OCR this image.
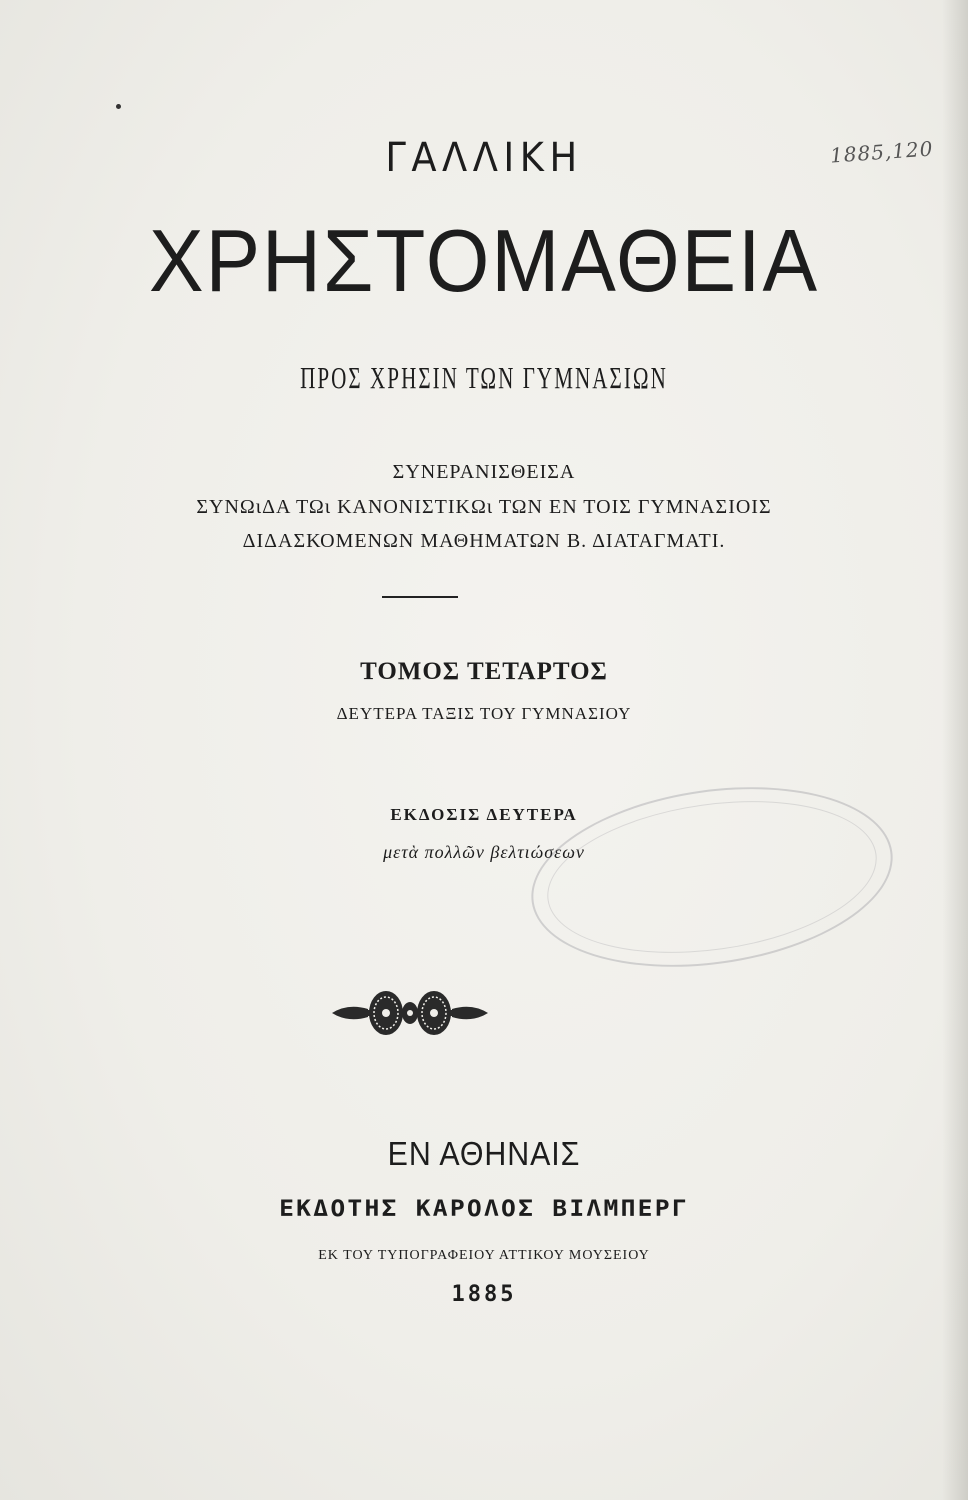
1885,120
ΓΑΛΛΙΚΗ
ΧΡΗΣΤΟΜΑΘΕΙΑ
ΠΡΟΣ ΧΡΗΣΙΝ ΤΩΝ ΓΥΜΝΑΣΙΩΝ
ΣΥΝΕΡΑΝΙΣΘΕΙΣΑ
ΣΥΝΩιΔΑ ΤΩι ΚΑΝΟΝΙΣΤΙΚΩι ΤΩΝ ΕΝ ΤΟΙΣ ΓΥΜΝΑΣΙΟΙΣ
ΔΙΔΑΣΚΟΜΕΝΩΝ ΜΑΘΗΜΑΤΩΝ Β. ΔΙΑΤΑΓΜΑΤΙ.
ΤΟΜΟΣ ΤΕΤΑΡΤΟΣ
ΔΕΥΤΕΡΑ ΤΑΞΙΣ ΤΟΥ ΓΥΜΝΑΣΙΟΥ
ΕΚΔΟΣΙΣ ΔΕΥΤΕΡΑ
μετὰ πολλῶν βελτιώσεων
ΕΝ ΑΘΗΝΑΙΣ
ΕΚΔΟΤΗΣ ΚΑΡΟΛΟΣ ΒΙΛΜΠΕΡΓ
ΕΚ ΤΟΥ ΤΥΠΟΓΡΑΦΕΙΟΥ ΑΤΤΙΚΟΥ ΜΟΥΣΕΙΟΥ
1885
